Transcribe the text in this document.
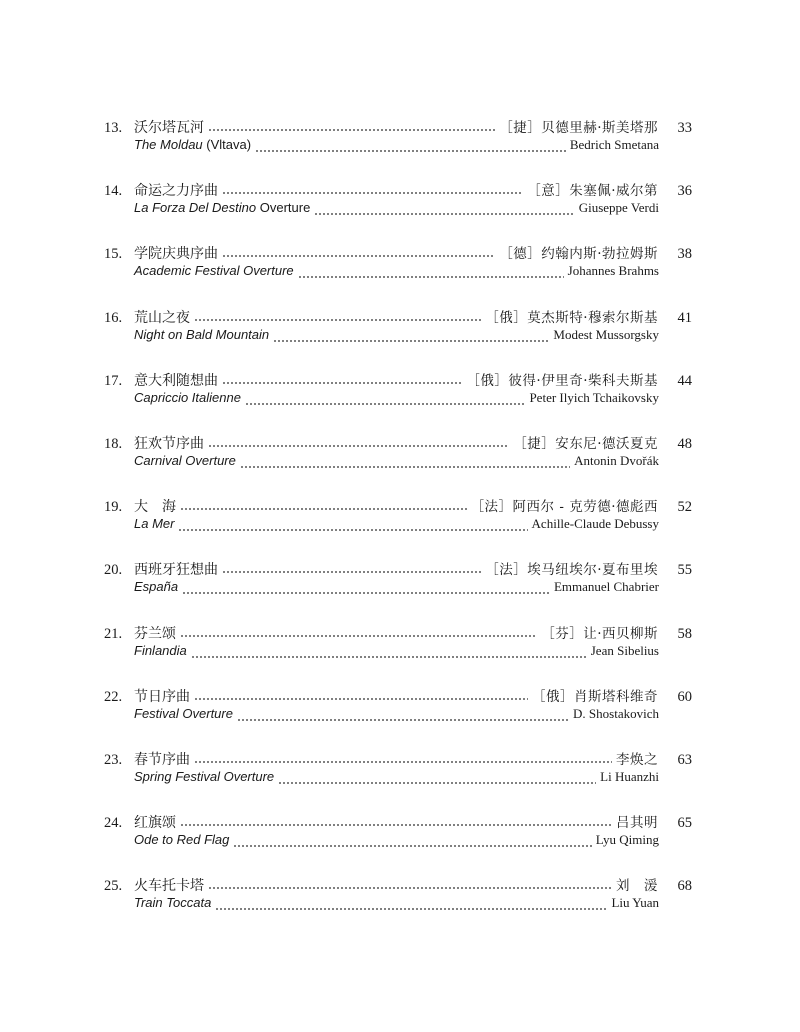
13. 沃尔塔瓦河	［捷］贝德里赫·斯美塔那	33
The Moldau (Vltava)	Bedrich Smetana
14. 命运之力序曲	［意］朱塞佩·威尔第	36
La Forza Del Destino Overture	Giuseppe Verdi
15. 学院庆典序曲	［德］约翰内斯·勃拉姆斯	38
Academic Festival Overture	Johannes Brahms
16. 荒山之夜	［俄］莫杰斯特·穆索尔斯基	41
Night on Bald Mountain	Modest Mussorgsky
17. 意大利随想曲	［俄］彼得·伊里奇·柴科夫斯基	44
Capriccio Italienne	Peter Ilyich Tchaikovsky
18. 狂欢节序曲	［捷］安东尼·德沃夏克	48
Carnival Overture	Antonin Dvořák
19. 大　海	［法］阿西尔 - 克劳德·德彪西	52
La Mer	Achille-Claude Debussy
20. 西班牙狂想曲	［法］埃马纽埃尔·夏布里埃	55
España	Emmanuel Chabrier
21. 芬兰颂	［芬］让·西贝柳斯	58
Finlandia	Jean Sibelius
22. 节日序曲	［俄］肖斯塔科维奇	60
Festival Overture	D. Shostakovich
23. 春节序曲	李焕之	63
Spring Festival Overture	Li Huanzhi
24. 红旗颂	吕其明	65
Ode to Red Flag	Lyu Qiming
25. 火车托卡塔	刘　湲	68
Train Toccata	Liu Yuan
